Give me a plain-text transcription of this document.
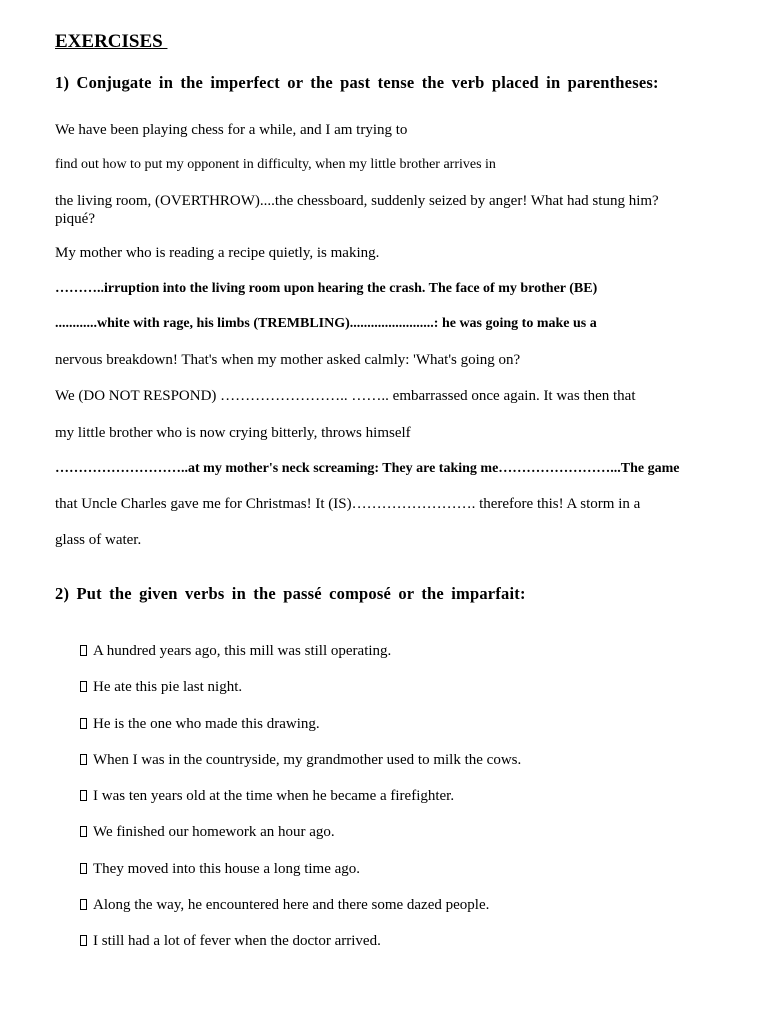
EXERCISES
1) Conjugate in the imperfect or the past tense the verb placed in parentheses:
We have been playing chess for a while, and I am trying to
find out how to put my opponent in difficulty, when my little brother arrives in
the living room, (OVERTHROW)....the chessboard, suddenly seized by anger! What had stung him?
piqué?
My mother who is reading a recipe quietly, is making.
………..irruption into the living room upon hearing the crash. The face of my brother (BE)
............white with rage, his limbs (TREMBLING)........................: he was going to make us a
nervous breakdown! That's when my mother asked calmly: 'What's going on?
We (DO NOT RESPOND) …………………….. …….. embarrassed once again. It was then that
my little brother who is now crying bitterly, throws himself
………………………..at my mother's neck screaming: They are taking me……………………...The game
that Uncle Charles gave me for Christmas! It (IS)……………………. therefore this! A storm in a
glass of water.
2) Put the given verbs in the passé composé or the imparfait:
A hundred years ago, this mill was still operating.
He ate this pie last night.
He is the one who made this drawing.
When I was in the countryside, my grandmother used to milk the cows.
I was ten years old at the time when he became a firefighter.
We finished our homework an hour ago.
They moved into this house a long time ago.
Along the way, he encountered here and there some dazed people.
I still had a lot of fever when the doctor arrived.
